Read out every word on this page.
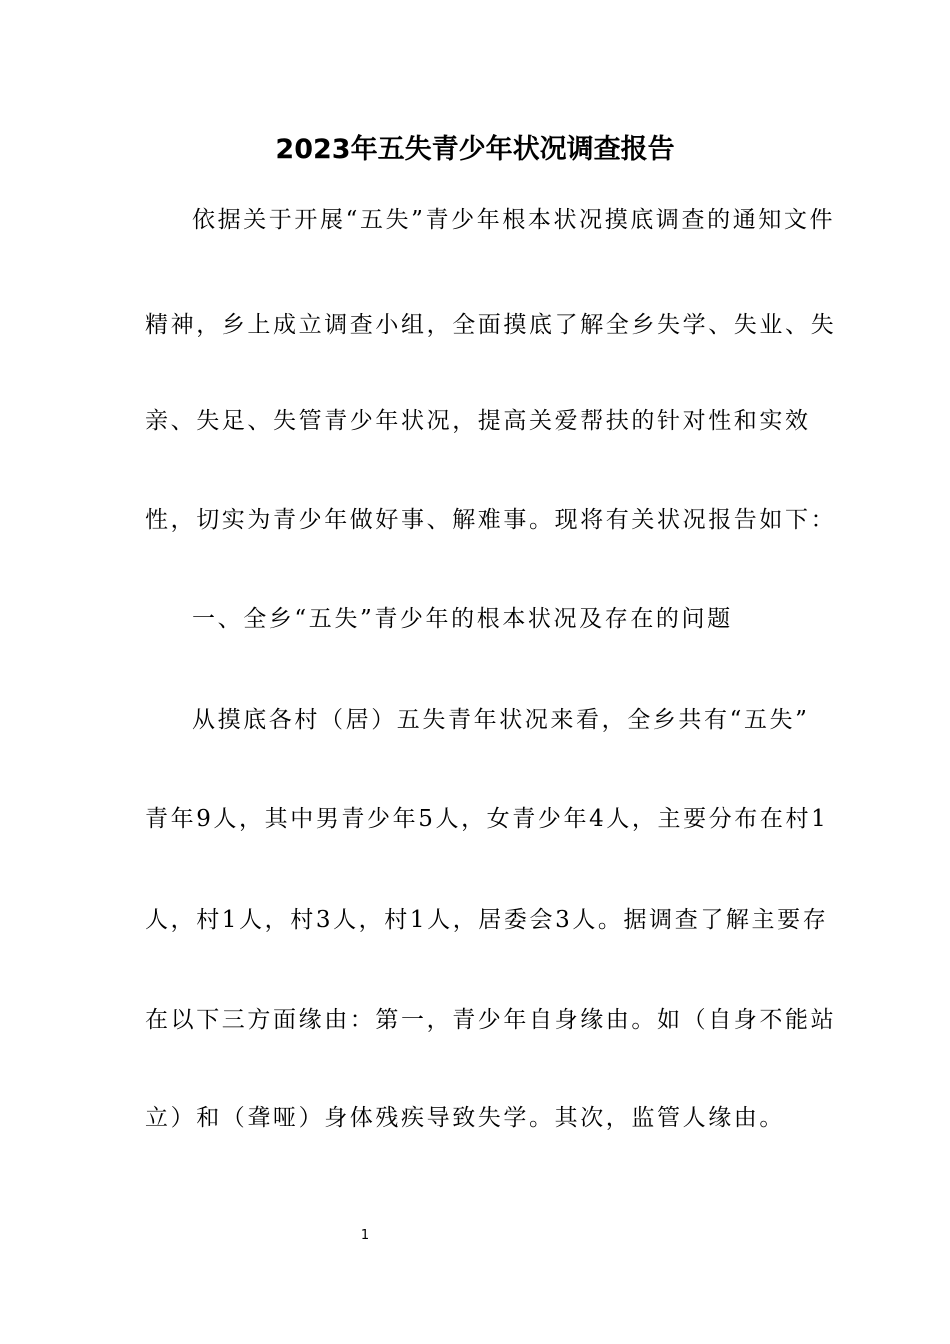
2023年五失青少年状况调查报告
依据关于开展“五失”青少年根本状况摸底调查的通知文件
精神，乡上成立调查小组，全面摸底了解全乡失学、失业、失
亲、失足、失管青少年状况，提高关爱帮扶的针对性和实效
性，切实为青少年做好事、解难事。现将有关状况报告如下：
一、全乡“五失”青少年的根本状况及存在的问题
从摸底各村（居）五失青年状况来看，全乡共有“五失”
青年9人，其中男青少年5人，女青少年4人，主要分布在村1
人，村1人，村3人，村1人，居委会3人。据调查了解主要存
在以下三方面缘由：第一，青少年自身缘由。如（自身不能站
立）和（聋哑）身体残疾导致失学。其次，监管人缘由。
1
